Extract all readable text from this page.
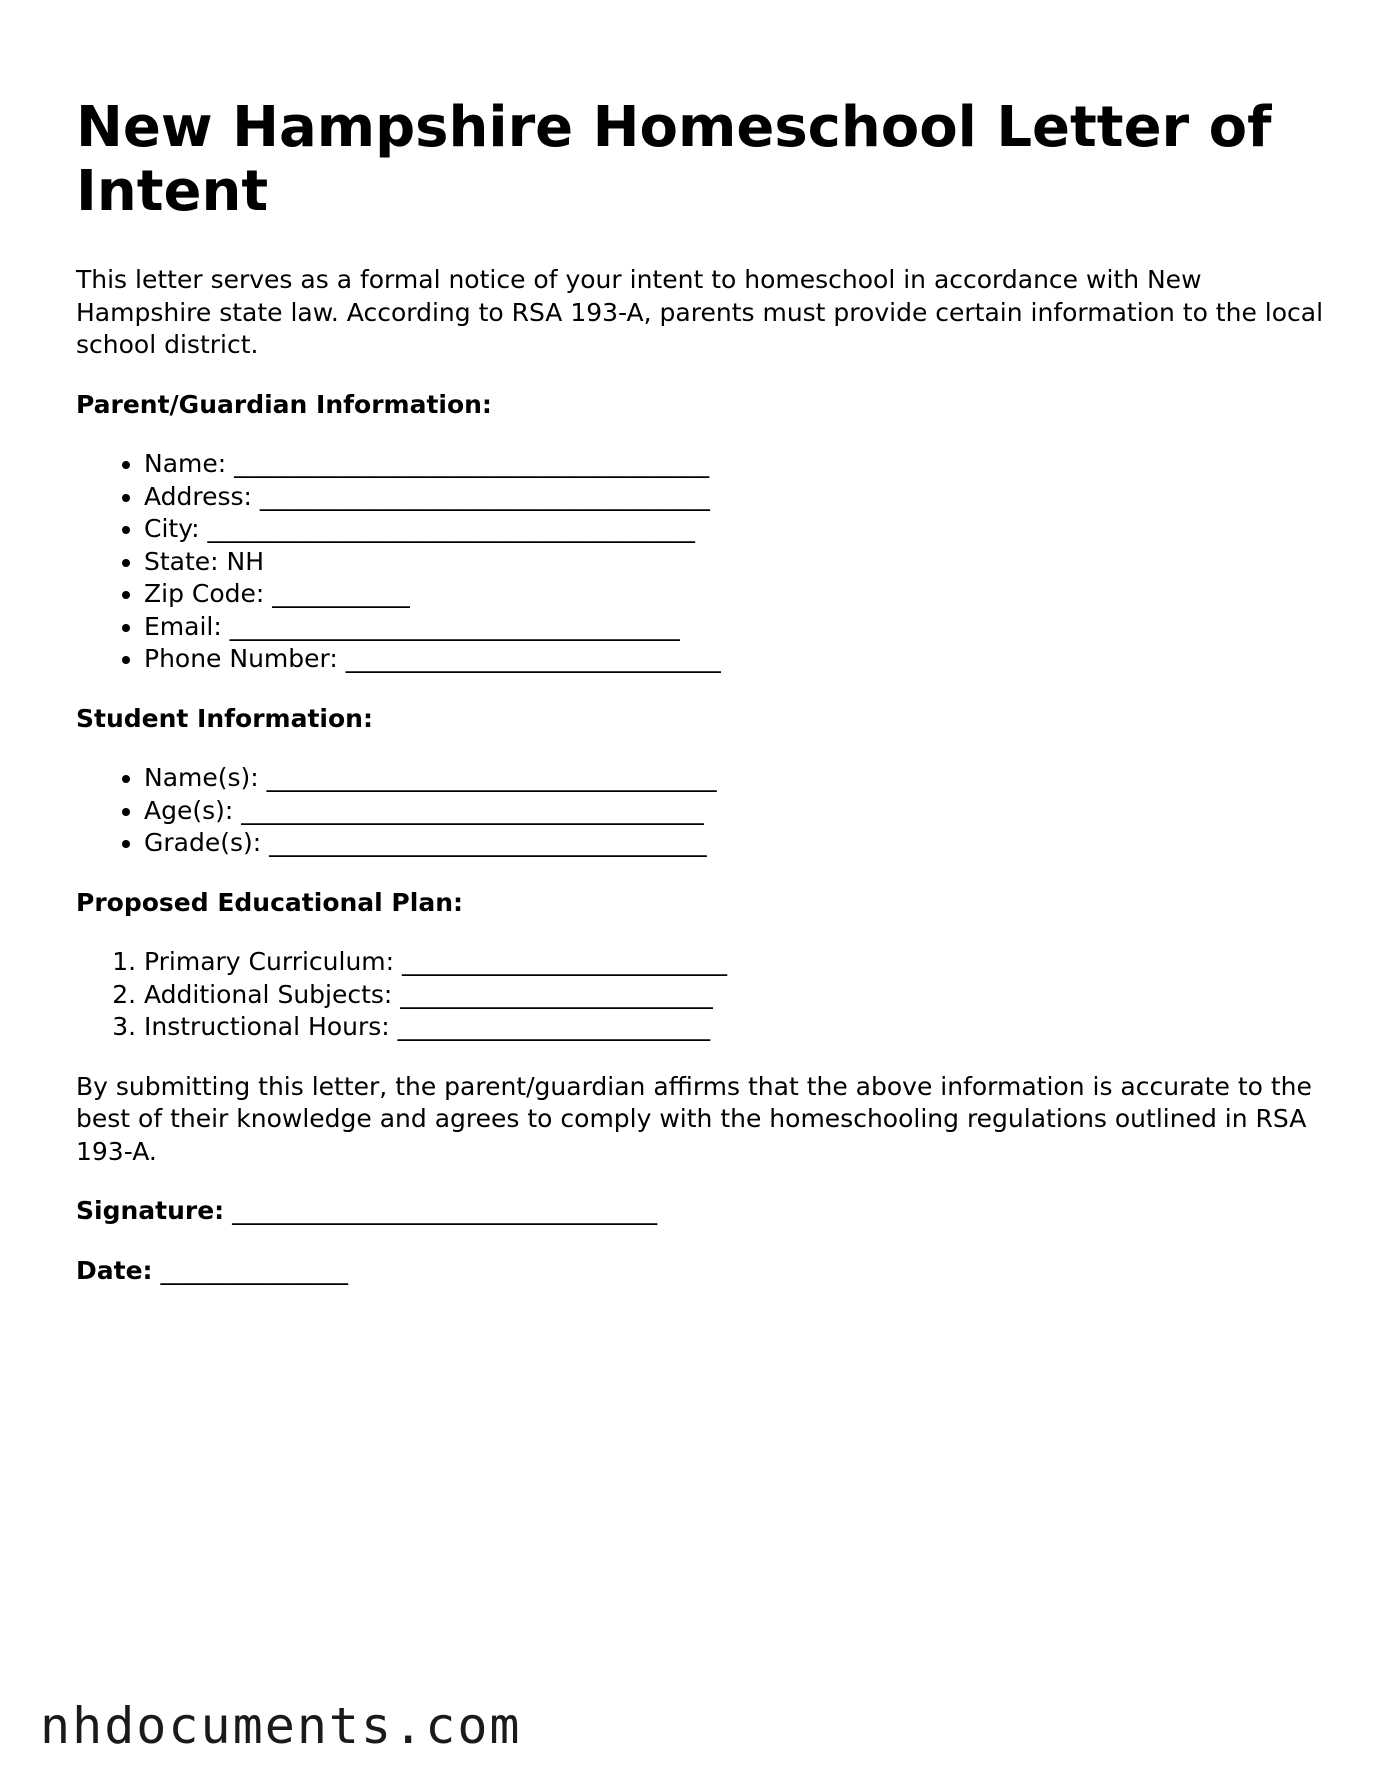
New Hampshire Homeschool Letter of Intent

This letter serves as a formal notice of your intent to homeschool in accordance with New Hampshire state law. According to RSA 193-A, parents must provide certain information to the local school district.

Parent/Guardian Information:
• Name: ______________________________________
• Address: ____________________________________
• City: _______________________________________
• State: NH
• Zip Code: ___________
• Email: ____________________________________
• Phone Number: ______________________________
Student Information:
• Name(s): ____________________________________
• Age(s): _____________________________________
• Grade(s): ___________________________________
Proposed Educational Plan:
1. Primary Curriculum: __________________________
2. Additional Subjects: _________________________
3. Instructional Hours: _________________________

By submitting this letter, the parent/guardian affirms that the above information is accurate to the best of their knowledge and agrees to comply with the homeschooling regulations outlined in RSA 193-A.

Signature: __________________________________
Date: _______________
nhdocuments.com
